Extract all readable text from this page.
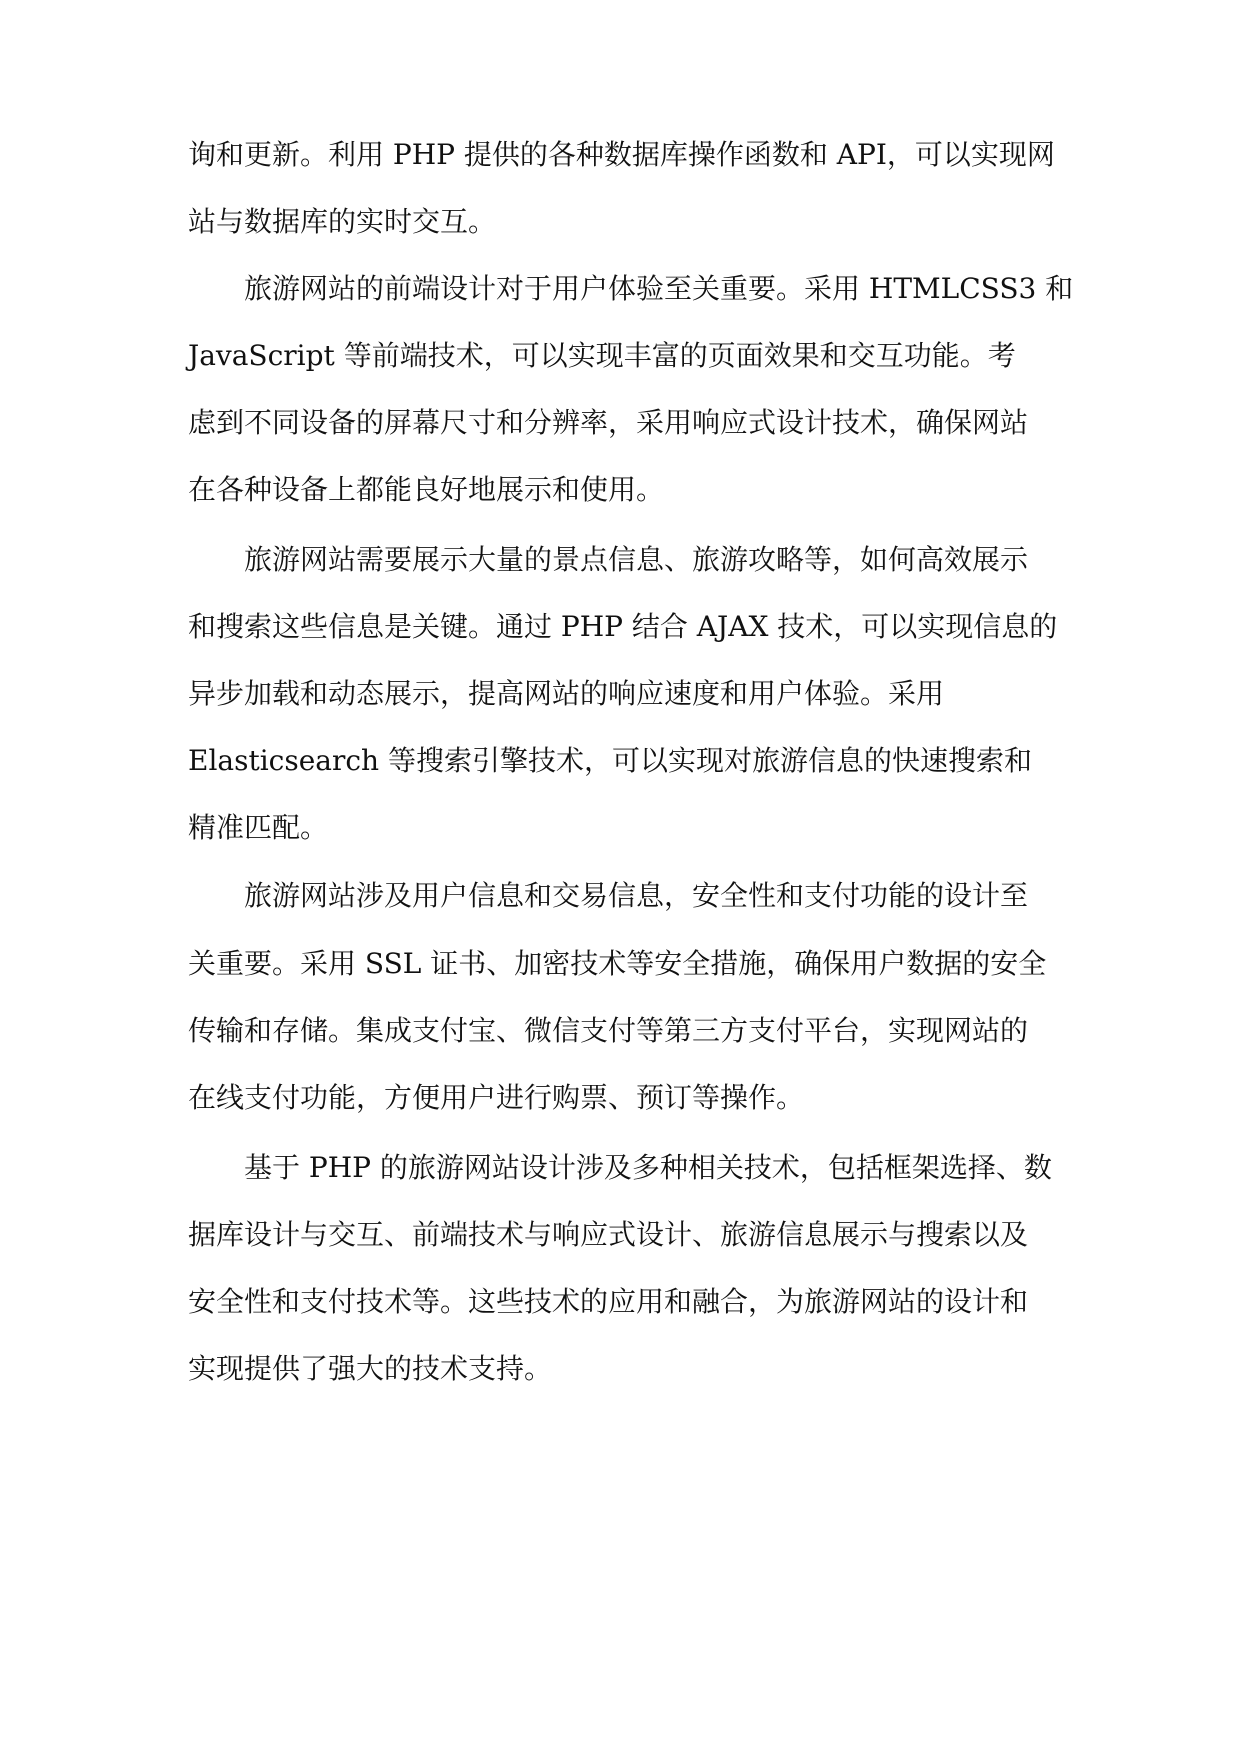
询和更新。利用 PHP 提供的各种数据库操作函数和 API，可以实现网
站与数据库的实时交互。
旅游网站的前端设计对于用户体验至关重要。采用 HTMLCSS3 和
JavaScript 等前端技术，可以实现丰富的页面效果和交互功能。考
虑到不同设备的屏幕尺寸和分辨率，采用响应式设计技术，确保网站
在各种设备上都能良好地展示和使用。
旅游网站需要展示大量的景点信息、旅游攻略等，如何高效展示
和搜索这些信息是关键。通过 PHP 结合 AJAX 技术，可以实现信息的
异步加载和动态展示，提高网站的响应速度和用户体验。采用
Elasticsearch 等搜索引擎技术，可以实现对旅游信息的快速搜索和
精准匹配。
旅游网站涉及用户信息和交易信息，安全性和支付功能的设计至
关重要。采用 SSL 证书、加密技术等安全措施，确保用户数据的安全
传输和存储。集成支付宝、微信支付等第三方支付平台，实现网站的
在线支付功能，方便用户进行购票、预订等操作。
基于 PHP 的旅游网站设计涉及多种相关技术，包括框架选择、数
据库设计与交互、前端技术与响应式设计、旅游信息展示与搜索以及
安全性和支付技术等。这些技术的应用和融合，为旅游网站的设计和
实现提供了强大的技术支持。
